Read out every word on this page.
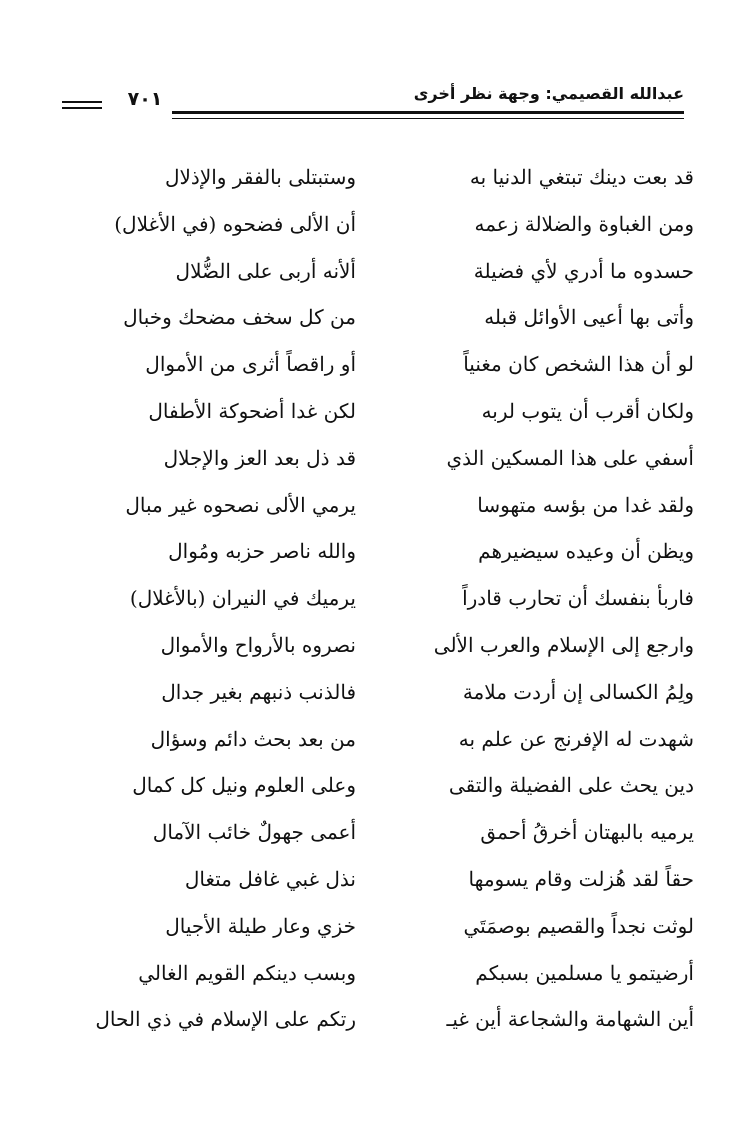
٧٠١	عبدالله القصيمي: وجهة نظر أخرى
قد بعت دينك تبتغي الدنيا به
ومن الغباوة والضلالة زعمه
حسدوه ما أدري لأي فضيلة
وأتى بها أعيى الأوائل قبله
لو أن هذا الشخص كان مغنياً
ولكان أقرب أن يتوب لربه
أسفي على هذا المسكين الذي
ولقد غدا من بؤسه متهوسا
ويظن أن وعيده سيضيرهم
فاربأ بنفسك أن تحارب قادراً
وارجع إلى الإسلام والعرب الألى
ولِمُ الكسالى إن أردت ملامة
شهدت له الإفرنج عن علم به
دين يحث على الفضيلة والتقى
يرميه بالبهتان أخرقُ أحمق
حقاً لقد هُزلت وقام يسومها
لوثت نجداً والقصيم بوصمَتَي
أرضيتمو يا مسلمين بسبكم
أين الشهامة والشجاعة أين غيـ
وستبتلى بالفقر والإذلال
أن الألى فضحوه (في الأغلال)
ألأنه أربى على الضُّلال
من كل سخف مضحك وخبال
أو راقصاً أثرى من الأموال
لكن غدا أضحوكة الأطفال
قد ذل بعد العز والإجلال
يرمي الألى نصحوه غير مبال
والله ناصر حزبه ومُوال
يرميك في النيران (بالأغلال)
نصروه بالأرواح والأموال
فالذنب ذنبهم بغير جدال
من بعد بحث دائم وسؤال
وعلى العلوم ونيل كل كمال
أعمى جهولٌ خائب الآمال
نذل غبي غافل متغال
خزي وعار طيلة الأجيال
وبسب دينكم القويم الغالي
رتكم على الإسلام في ذي الحال
